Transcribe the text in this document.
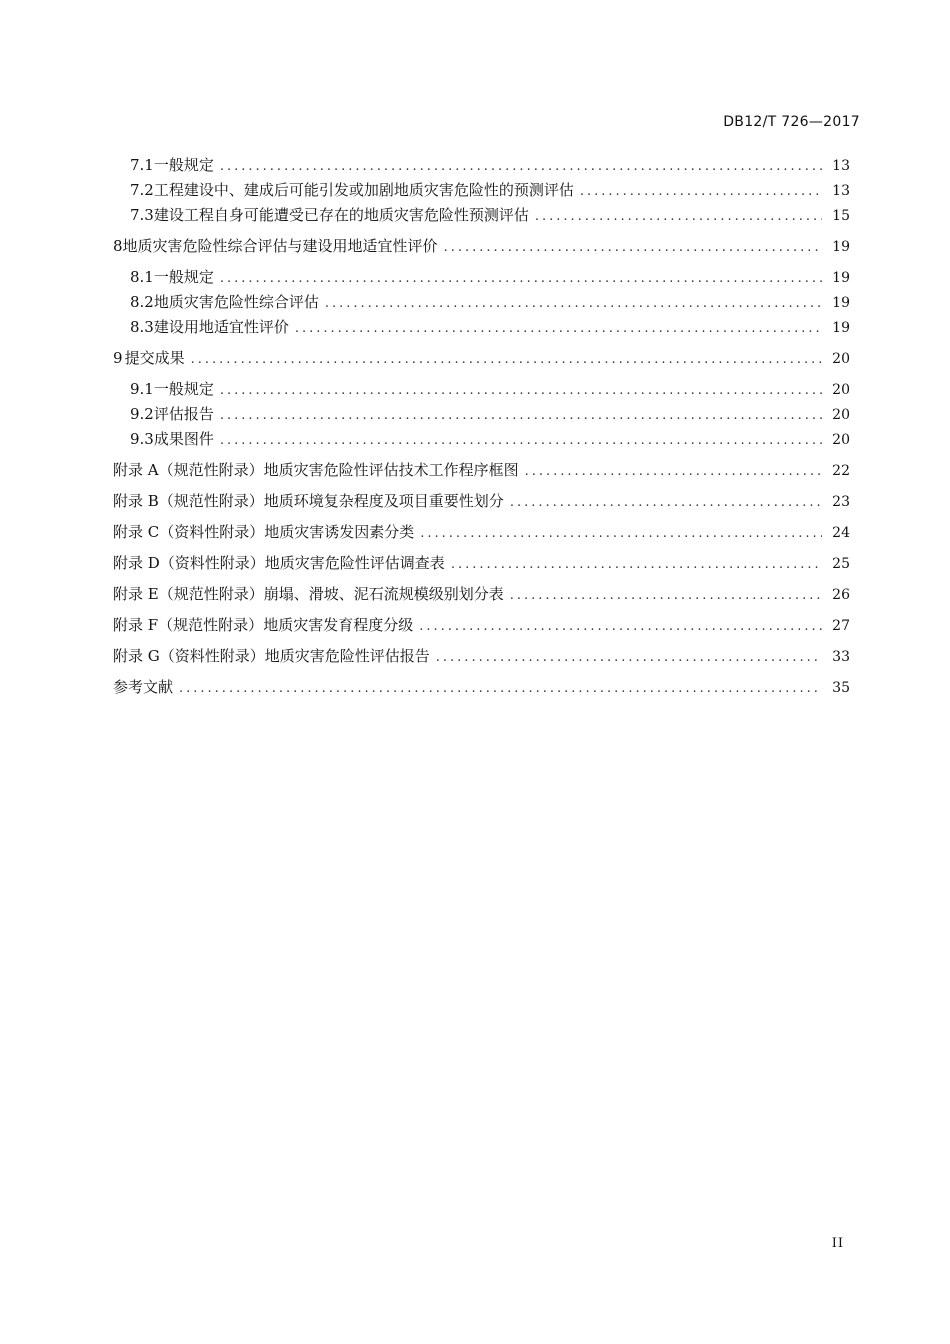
DB12/T 726—2017
7.1 一般规定 .....	13
7.2 工程建设中、建成后可能引发或加剧地质灾害危险性的预测评估 .....	13
7.3 建设工程自身可能遭受已存在的地质灾害危险性预测评估 .....	15
8 地质灾害危险性综合评估与建设用地适宜性评价 .....	19
8.1 一般规定 .....	19
8.2 地质灾害危险性综合评估 .....	19
8.3 建设用地适宜性评价 .....	19
9 提交成果 .....	20
9.1 一般规定 .....	20
9.2 评估报告 .....	20
9.3 成果图件 .....	20
附录 A（规范性附录） 地质灾害危险性评估技术工作程序框图 .....	22
附录 B（规范性附录） 地质环境复杂程度及项目重要性划分 .....	23
附录 C（资料性附录） 地质灾害诱发因素分类 .....	24
附录 D（资料性附录） 地质灾害危险性评估调查表 .....	25
附录 E（规范性附录） 崩塌、滑坡、泥石流规模级别划分表 .....	26
附录 F（规范性附录） 地质灾害发育程度分级 .....	27
附录 G（资料性附录） 地质灾害危险性评估报告 .....	33
参考文献 .....	35
II
